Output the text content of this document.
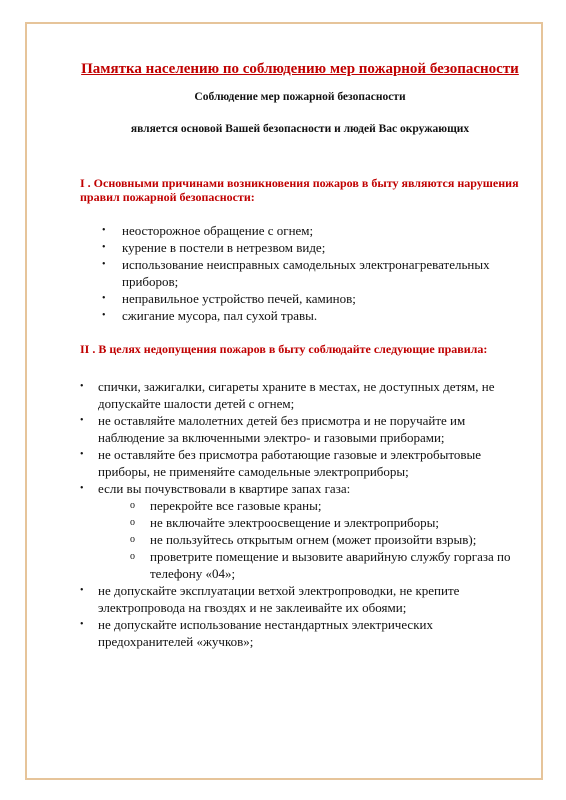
Памятка населению по соблюдению мер пожарной безопасности

Соблюдение мер пожарной безопасности

является основой Вашей безопасности и людей Вас окружающих

I . Основными причинами возникновения пожаров в быту являются нарушения правил пожарной безопасности:

• неосторожное обращение с огнем;
• курение в постели в нетрезвом виде;
• использование неисправных самодельных электронагревательных приборов;
• неправильное устройство печей, каминов;
• сжигание мусора, пал сухой травы.

II . В целях недопущения пожаров в быту соблюдайте следующие правила:

• спички, зажигалки, сигареты храните в местах, не доступных детям, не допускайте шалости детей с огнем;
• не оставляйте малолетних детей без присмотра и не поручайте им наблюдение за включенными электро- и газовыми приборами;
• не оставляйте без присмотра работающие газовые и электробытовые приборы, не применяйте самодельные электроприборы;
• если вы почувствовали в квартире запах газа:
o перекройте все газовые краны;
o не включайте электроосвещение и электроприборы;
o не пользуйтесь открытым огнем (может произойти взрыв);
o проветрите помещение и вызовите аварийную службу горгаза по телефону «04»;
• не допускайте эксплуатации ветхой электропроводки, не крепите электропровода на гвоздях и не заклеивайте их обоями;
• не допускайте использование нестандартных электрических предохранителей «жучков»;
